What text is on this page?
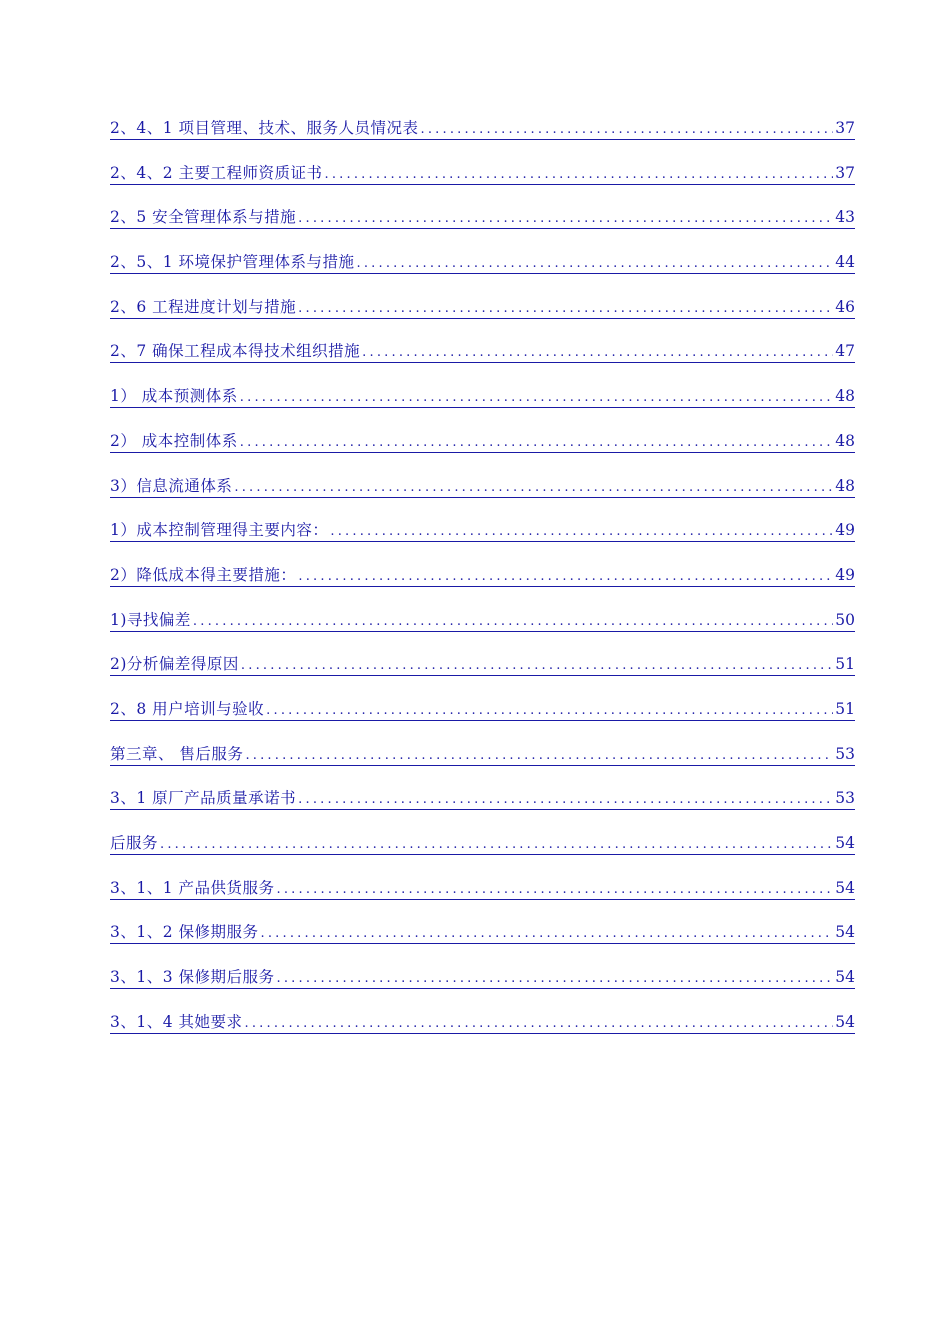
2、4、1 项目管理、技术、服务人员情况表 .....	37
2、4、2 主要工程师资质证书 .....	37
2、5 安全管理体系与措施 .....	43
2、5、1 环境保护管理体系与措施 .....	44
2、6 工程进度计划与措施 .....	46
2、7 确保工程成本得技术组织措施 .....	47
1） 成本预测体系 .....	48
2） 成本控制体系 .....	48
3）信息流通体系 .....	48
1）成本控制管理得主要内容： .....	49
2）降低成本得主要措施： .....	49
1)寻找偏差 .....	50
2)分析偏差得原因 .....	51
2、8 用户培训与验收 .....	51
第三章、 售后服务 .....	53
3、1 原厂产品质量承诺书 .....	53
后服务 .....	54
3、1、1 产品供货服务 .....	54
3、1、2 保修期服务 .....	54
3、1、3 保修期后服务 .....	54
3、1、4 其她要求 .....	54
